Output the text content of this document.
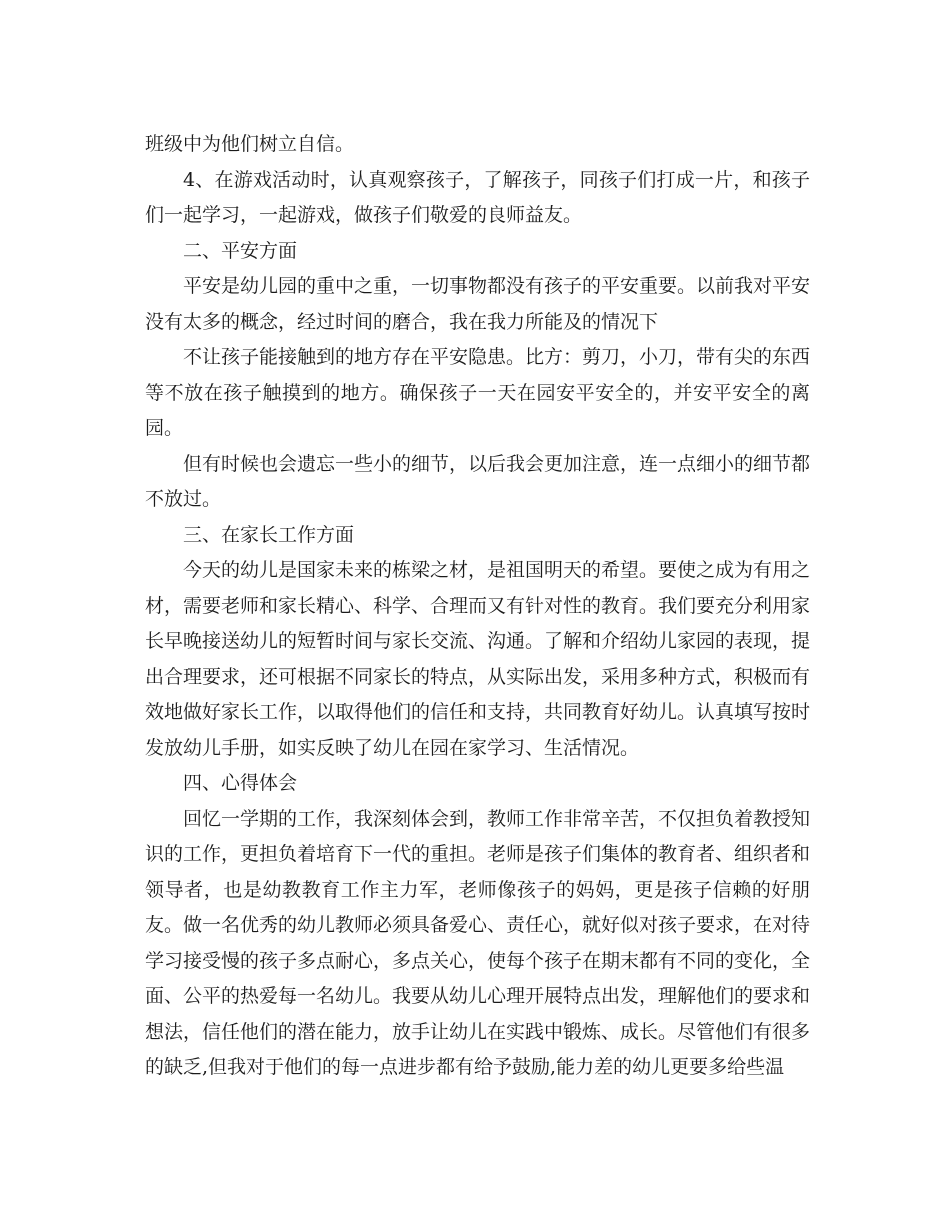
班级中为他们树立自信。

4、在游戏活动时，认真观察孩子，了解孩子，同孩子们打成一片，和孩子们一起学习，一起游戏，做孩子们敬爱的良师益友。

二、平安方面

平安是幼儿园的重中之重，一切事物都没有孩子的平安重要。以前我对平安没有太多的概念，经过时间的磨合，我在我力所能及的情况下

不让孩子能接触到的地方存在平安隐患。比方：剪刀，小刀，带有尖的东西等不放在孩子触摸到的地方。确保孩子一天在园安平安全的，并安平安全的离园。

但有时候也会遗忘一些小的细节，以后我会更加注意，连一点细小的细节都不放过。

三、在家长工作方面

今天的幼儿是国家未来的栋梁之材，是祖国明天的希望。要使之成为有用之材，需要老师和家长精心、科学、合理而又有针对性的教育。我们要充分利用家长早晚接送幼儿的短暂时间与家长交流、沟通。了解和介绍幼儿家园的表现，提出合理要求，还可根据不同家长的特点，从实际出发，采用多种方式，积极而有效地做好家长工作，以取得他们的信任和支持，共同教育好幼儿。认真填写按时发放幼儿手册，如实反映了幼儿在园在家学习、生活情况。

四、心得体会

回忆一学期的工作，我深刻体会到，教师工作非常辛苦，不仅担负着教授知识的工作，更担负着培育下一代的重担。老师是孩子们集体的教育者、组织者和领导者，也是幼教教育工作主力军，老师像孩子的妈妈，更是孩子信赖的好朋友。做一名优秀的幼儿教师必须具备爱心、责任心，就好似对孩子要求，在对待学习接受慢的孩子多点耐心，多点关心，使每个孩子在期末都有不同的变化，全面、公平的热爱每一名幼儿。我要从幼儿心理开展特点出发，理解他们的要求和想法，信任他们的潜在能力，放手让幼儿在实践中锻炼、成长。尽管他们有很多的缺乏,但我对于他们的每一点进步都有给予鼓励,能力差的幼儿更要多给些温
